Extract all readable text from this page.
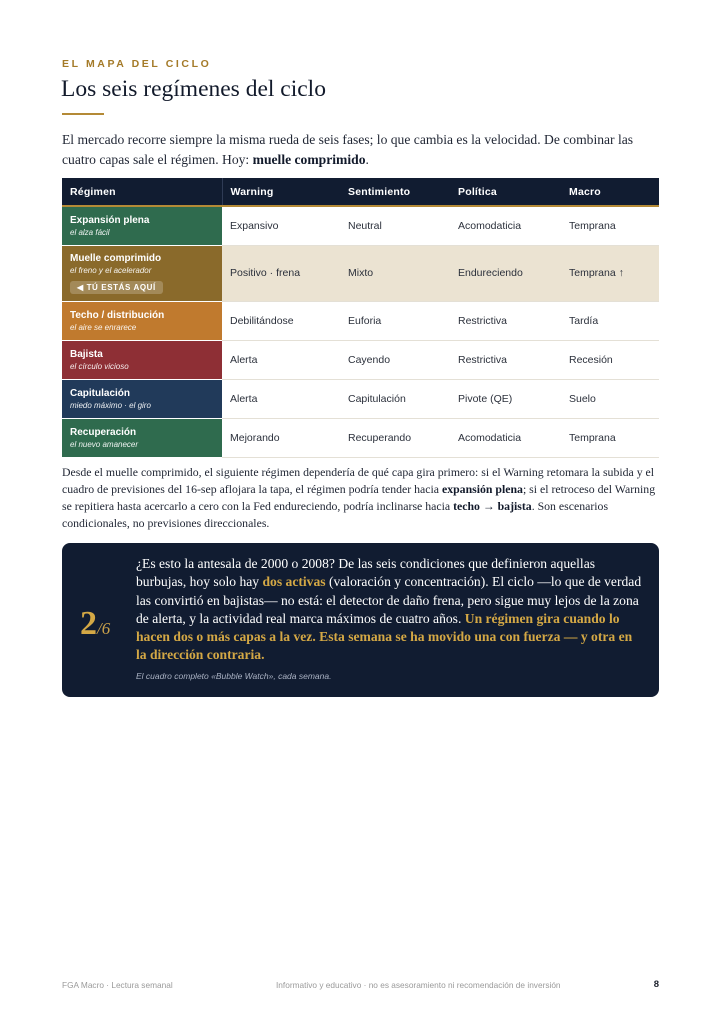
EL MAPA DEL CICLO
Los seis regímenes del ciclo

El mercado recorre siempre la misma rueda de seis fases; lo que cambia es la velocidad. De combinar las cuatro capas sale el régimen. Hoy: muelle comprimido.

Régimen	Warning	Sentimiento	Política	Macro

Expansión plena
el alza fácil	Expansivo	Neutral	Acomodaticia	Temprana

Muelle comprimido
el freno y el acelerador
◀ TÚ ESTÁS AQUÍ	Positivo · frena	Mixto	Endureciendo	Temprana ↑

Techo / distribución
el aire se enrarece	Debilitándose	Euforia	Restrictiva	Tardía

Bajista
el círculo vicioso	Alerta	Cayendo	Restrictiva	Recesión

Capitulación
miedo máximo · el giro	Alerta	Capitulación	Pivote (QE)	Suelo

Recuperación
el nuevo amanecer	Mejorando	Recuperando	Acomodaticia	Temprana

Desde el muelle comprimido, el siguiente régimen dependería de qué capa gira primero: si el Warning retomara la subida y el cuadro de previsiones del 16-sep aflojara la tapa, el régimen podría tender hacia expansión plena; si el retroceso del Warning se repitiera hasta acercarlo a cero con la Fed endureciendo, podría inclinarse hacia techo → bajista. Son escenarios condicionales, no previsiones direccionales.

2/6

¿Es esto la antesala de 2000 o 2008? De las seis condiciones que definieron aquellas burbujas, hoy solo hay dos activas (valoración y concentración). El ciclo —lo que de verdad las convirtió en bajistas— no está: el detector de daño frena, pero sigue muy lejos de la zona de alerta, y la actividad real marca máximos de cuatro años. Un régimen gira cuando lo hacen dos o más capas a la vez. Esta semana se ha movido una con fuerza — y otra en la dirección contraria.

El cuadro completo «Bubble Watch», cada semana.
FGA Macro · Lectura semanal	Informativo y educativo · no es asesoramiento ni recomendación de inversión	8
